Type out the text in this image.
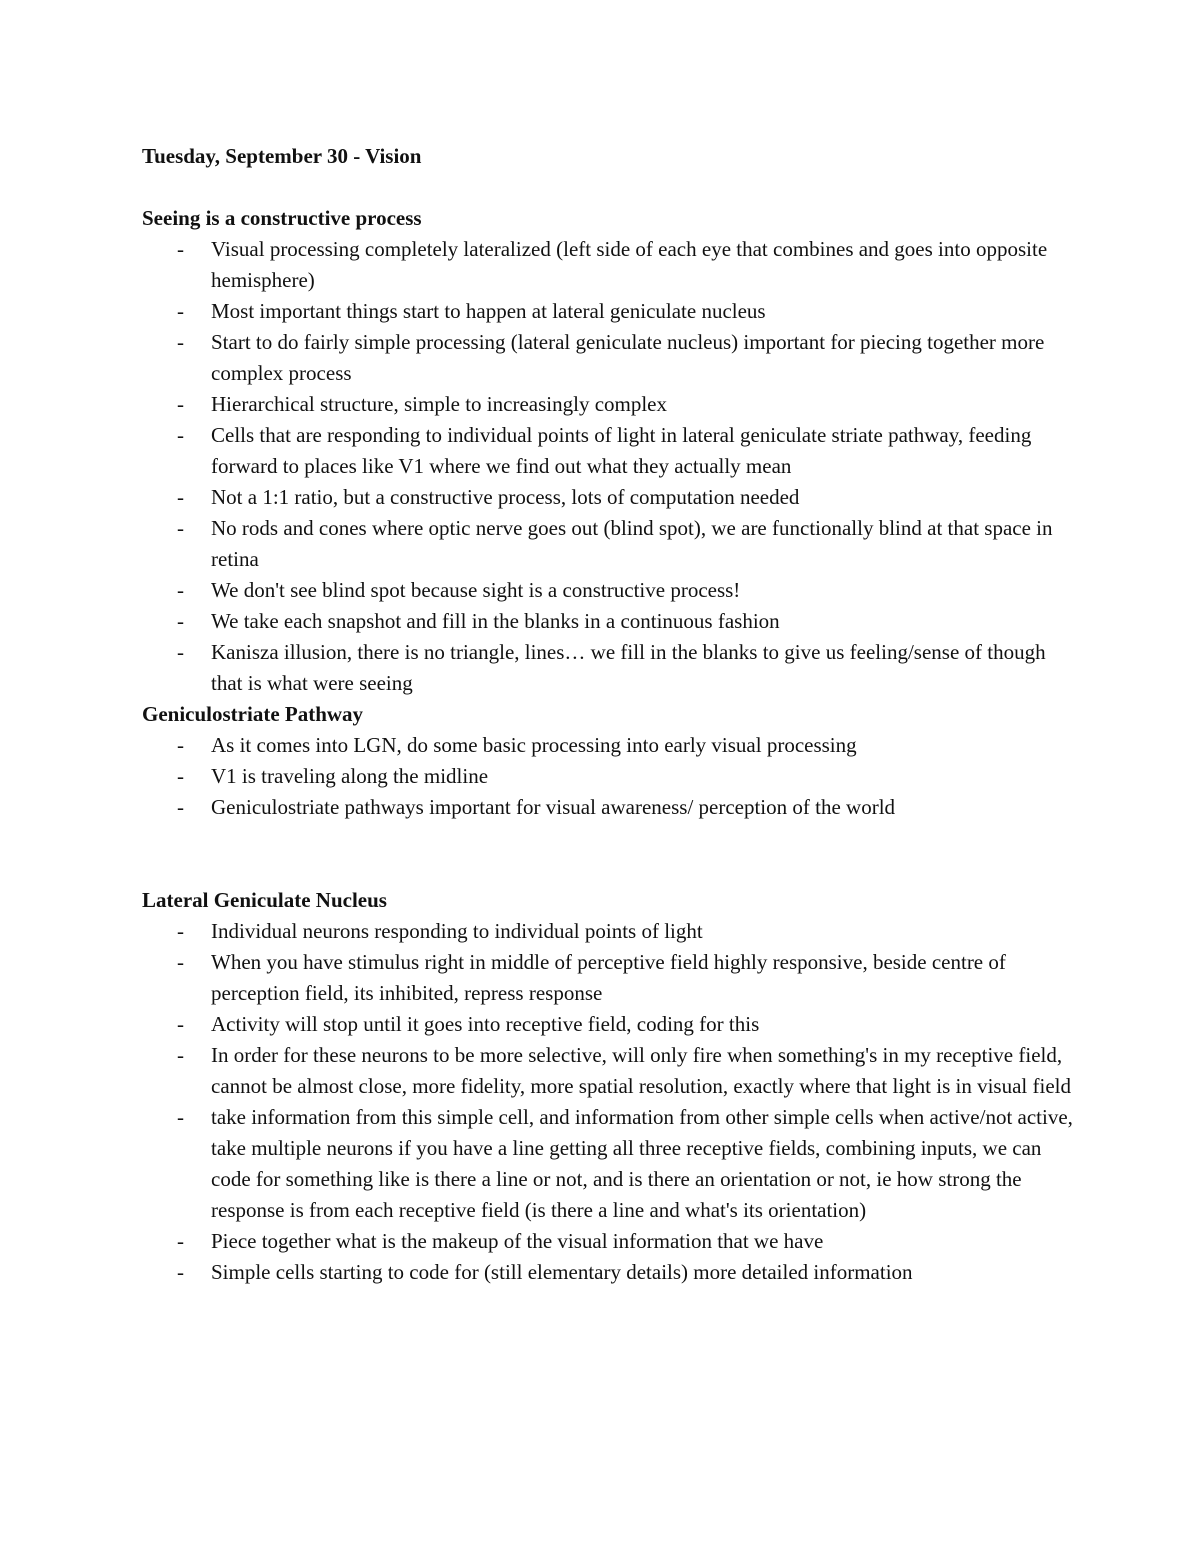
Tuesday, September 30 - Vision
Seeing is a constructive process
- Visual processing completely lateralized (left side of each eye that combines and goes into opposite hemisphere)
- Most important things start to happen at lateral geniculate nucleus
- Start to do fairly simple processing (lateral geniculate nucleus) important for piecing together more complex process
- Hierarchical structure, simple to increasingly complex
- Cells that are responding to individual points of light in lateral geniculate striate pathway, feeding forward to places like V1 where we find out what they actually mean
- Not a 1:1 ratio, but a constructive process, lots of computation needed
- No rods and cones where optic nerve goes out (blind spot), we are functionally blind at that space in retina
- We don't see blind spot because sight is a constructive process!
- We take each snapshot and fill in the blanks in a continuous fashion
- Kanisza illusion, there is no triangle, lines… we fill in the blanks to give us feeling/sense of though that is what were seeing
Geniculostriate Pathway
- As it comes into LGN, do some basic processing into early visual processing
- V1 is traveling along the midline
- Geniculostriate pathways important for visual awareness/ perception of the world
Lateral Geniculate Nucleus
- Individual neurons responding to individual points of light
- When you have stimulus right in middle of perceptive field highly responsive, beside centre of perception field, its inhibited, repress response
- Activity will stop until it goes into receptive field, coding for this
- In order for these neurons to be more selective, will only fire when something's in my receptive field, cannot be almost close, more fidelity, more spatial resolution, exactly where that light is in visual field
- take information from this simple cell, and information from other simple cells when active/not active, take multiple neurons if you have a line getting all three receptive fields, combining inputs, we can code for something like is there a line or not, and is there an orientation or not, ie how strong the response is from each receptive field (is there a line and what's its orientation)
- Piece together what is the makeup of the visual information that we have
- Simple cells starting to code for (still elementary details) more detailed information
